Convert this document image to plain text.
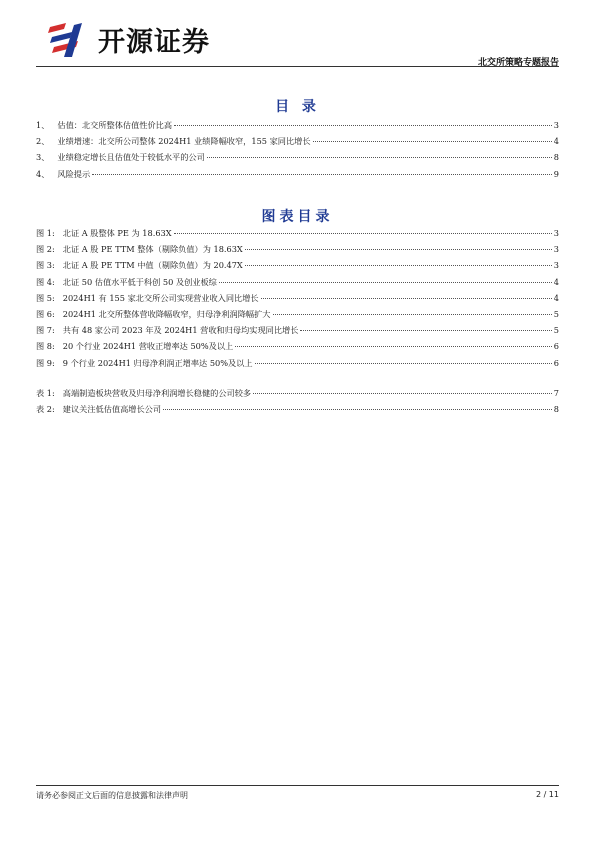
开源证券
北交所策略专题报告
目 录
1、 估值：北交所整体估值性价比高	3
2、 业绩增速：北交所公司整体 2024H1 业绩降幅收窄，155 家同比增长	4
3、 业绩稳定增长且估值处于较低水平的公司	8
4、 风险提示	9
图表目录
图 1: 北证 A 股整体 PE 为 18.63X	3
图 2: 北证 A 股 PE TTM 整体（剔除负值）为 18.63X	3
图 3: 北证 A 股 PE TTM 中值（剔除负值）为 20.47X	3
图 4: 北证 50 估值水平低于科创 50 及创业板综	4
图 5: 2024H1 有 155 家北交所公司实现营业收入同比增长	4
图 6: 2024H1 北交所整体营收降幅收窄，归母净利润降幅扩大	5
图 7: 共有 48 家公司 2023 年及 2024H1 营收和归母均实现同比增长	5
图 8: 20 个行业 2024H1 营收正增率达 50%及以上	6
图 9: 9 个行业 2024H1 归母净利润正增率达 50%及以上	6
表 1: 高端制造板块营收及归母净利润增长稳健的公司较多	7
表 2: 建议关注低估值高增长公司	8
请务必参阅正文后面的信息披露和法律声明	2 / 11
